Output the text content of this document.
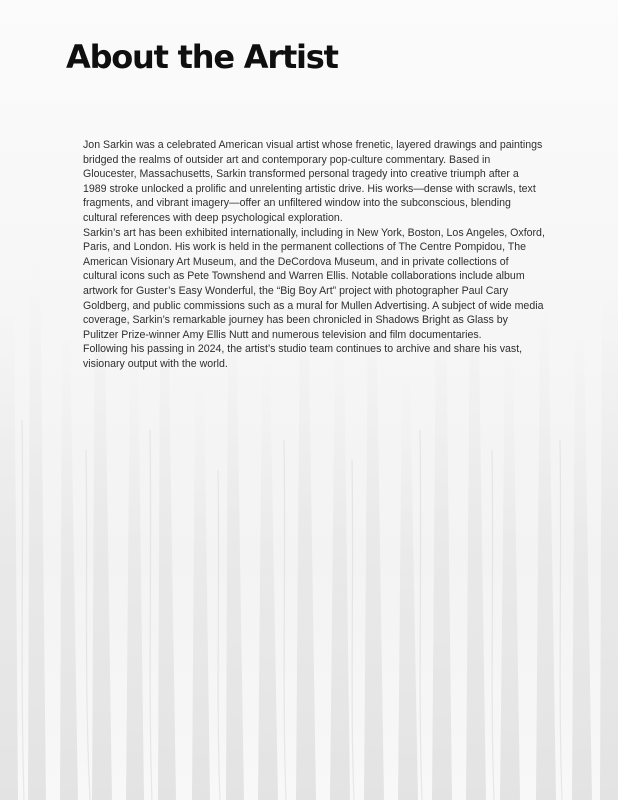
About the Artist

Jon Sarkin was a celebrated American visual artist whose frenetic, layered drawings and paintings bridged the realms of outsider art and contemporary pop-culture commentary. Based in Gloucester, Massachusetts, Sarkin transformed personal tragedy into creative triumph after a 1989 stroke unlocked a prolific and unrelenting artistic drive. His works—dense with scrawls, text fragments, and vibrant imagery—offer an unfiltered window into the subconscious, blending cultural references with deep psychological exploration.

Sarkin’s art has been exhibited internationally, including in New York, Boston, Los Angeles, Oxford, Paris, and London. His work is held in the permanent collections of The Centre Pompidou, The American Visionary Art Museum, and the DeCordova Museum, and in private collections of cultural icons such as Pete Townshend and Warren Ellis. Notable collaborations include album artwork for Guster’s Easy Wonderful, the “Big Boy Art” project with photographer Paul Cary Goldberg, and public commissions such as a mural for Mullen Advertising. A subject of wide media coverage, Sarkin’s remarkable journey has been chronicled in Shadows Bright as Glass by Pulitzer Prize-winner Amy Ellis Nutt and numerous television and film documentaries.

Following his passing in 2024, the artist’s studio team continues to archive and share his vast, visionary output with the world.
